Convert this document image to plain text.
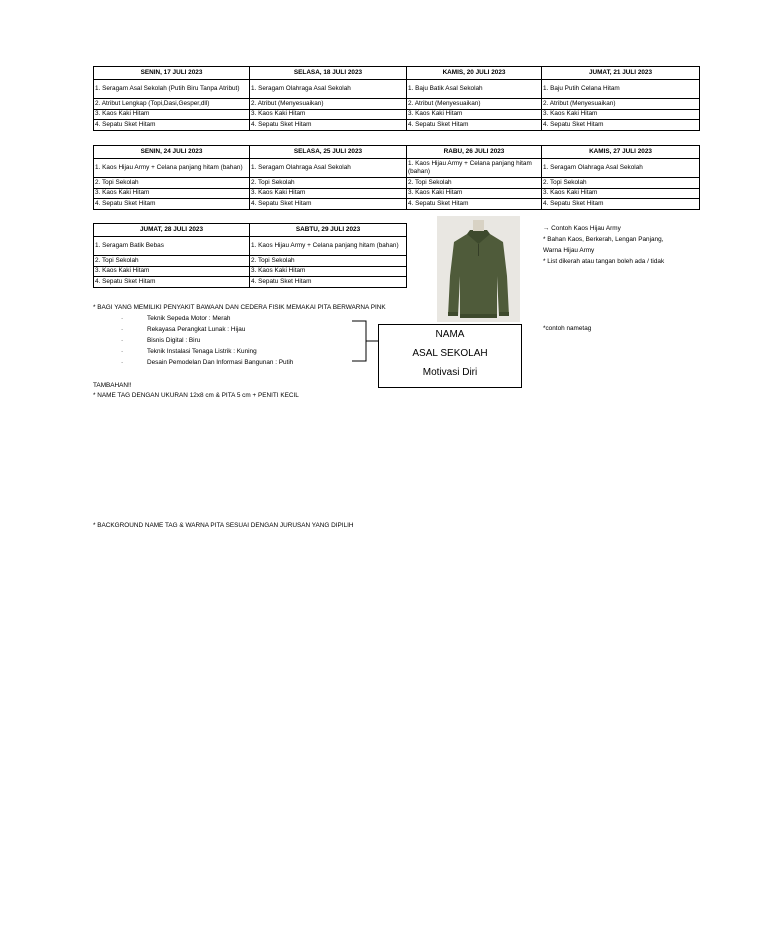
SENIN, 17 JULI 2023	SELASA, 18 JULI 2023	KAMIS, 20 JULI 2023	JUMAT, 21 JULI 2023
1. Seragam Asal Sekolah (Putih Biru Tanpa Atribut)	1. Seragam Olahraga Asal Sekolah	1. Baju Batik Asal Sekolah	1. Baju Putih Celana Hitam
2. Atribut Lengkap (Topi,Dasi,Gesper,dll)	2. Atribut (Menyesuaikan)	2. Atribut (Menyesuaikan)	2. Atribut (Menyesuaikan)
3. Kaos Kaki Hitam	3. Kaos Kaki Hitam	3. Kaos Kaki Hitam	3. Kaos Kaki Hitam
4. Sepatu Sket Hitam	4. Sepatu Sket Hitam	4. Sepatu Sket Hitam	4. Sepatu Sket Hitam
SENIN, 24 JULI 2023	SELASA, 25 JULI 2023	RABU, 26 JULI 2023	KAMIS, 27 JULI 2023
1. Kaos Hijau Army + Celana panjang hitam (bahan)	1. Seragam Olahraga Asal Sekolah	1. Kaos Hijau Army + Celana panjang hitam (bahan)	1. Seragam Olahraga Asal Sekolah
2. Topi Sekolah	2. Topi Sekolah	2. Topi Sekolah	2. Topi Sekolah
3. Kaos Kaki Hitam	3. Kaos Kaki Hitam	3. Kaos Kaki Hitam	3. Kaos Kaki Hitam
4. Sepatu Sket Hitam	4. Sepatu Sket Hitam	4. Sepatu Sket Hitam	4. Sepatu Sket Hitam
JUMAT, 28 JULI 2023	SABTU, 29 JULI 2023
1. Seragam Batik Bebas	1. Kaos Hijau Army + Celana panjang hitam (bahan)
2. Topi Sekolah	2. Topi Sekolah
3. Kaos Kaki Hitam	3. Kaos Kaki Hitam
4. Sepatu Sket Hitam	4. Sepatu Sket Hitam
→ Contoh Kaos Hijau Army
* Bahan Kaos, Berkerah, Lengan Panjang,
Warna Hijau Army
* List dikerah atau tangan boleh ada / tidak
* BAGI YANG MEMILIKI PENYAKIT BAWAAN DAN CEDERA FISIK MEMAKAI PITA BERWARNA PINK
·	Teknik Sepeda Motor : Merah
·	Rekayasa Perangkat Lunak : Hijau
·	Bisnis Digital : Biru
·	Teknik Instalasi Tenaga Listrik : Kuning
·	Desain Pemodelan Dan Informasi Bangunan : Putih
NAMA
ASAL SEKOLAH
Motivasi Diri
*contoh nametag
TAMBAHAN!!
* NAME TAG DENGAN UKURAN 12x8 cm & PITA 5 cm + PENITI KECIL
* BACKGROUND NAME TAG & WARNA PITA SESUAI DENGAN JURUSAN YANG DIPILIH
